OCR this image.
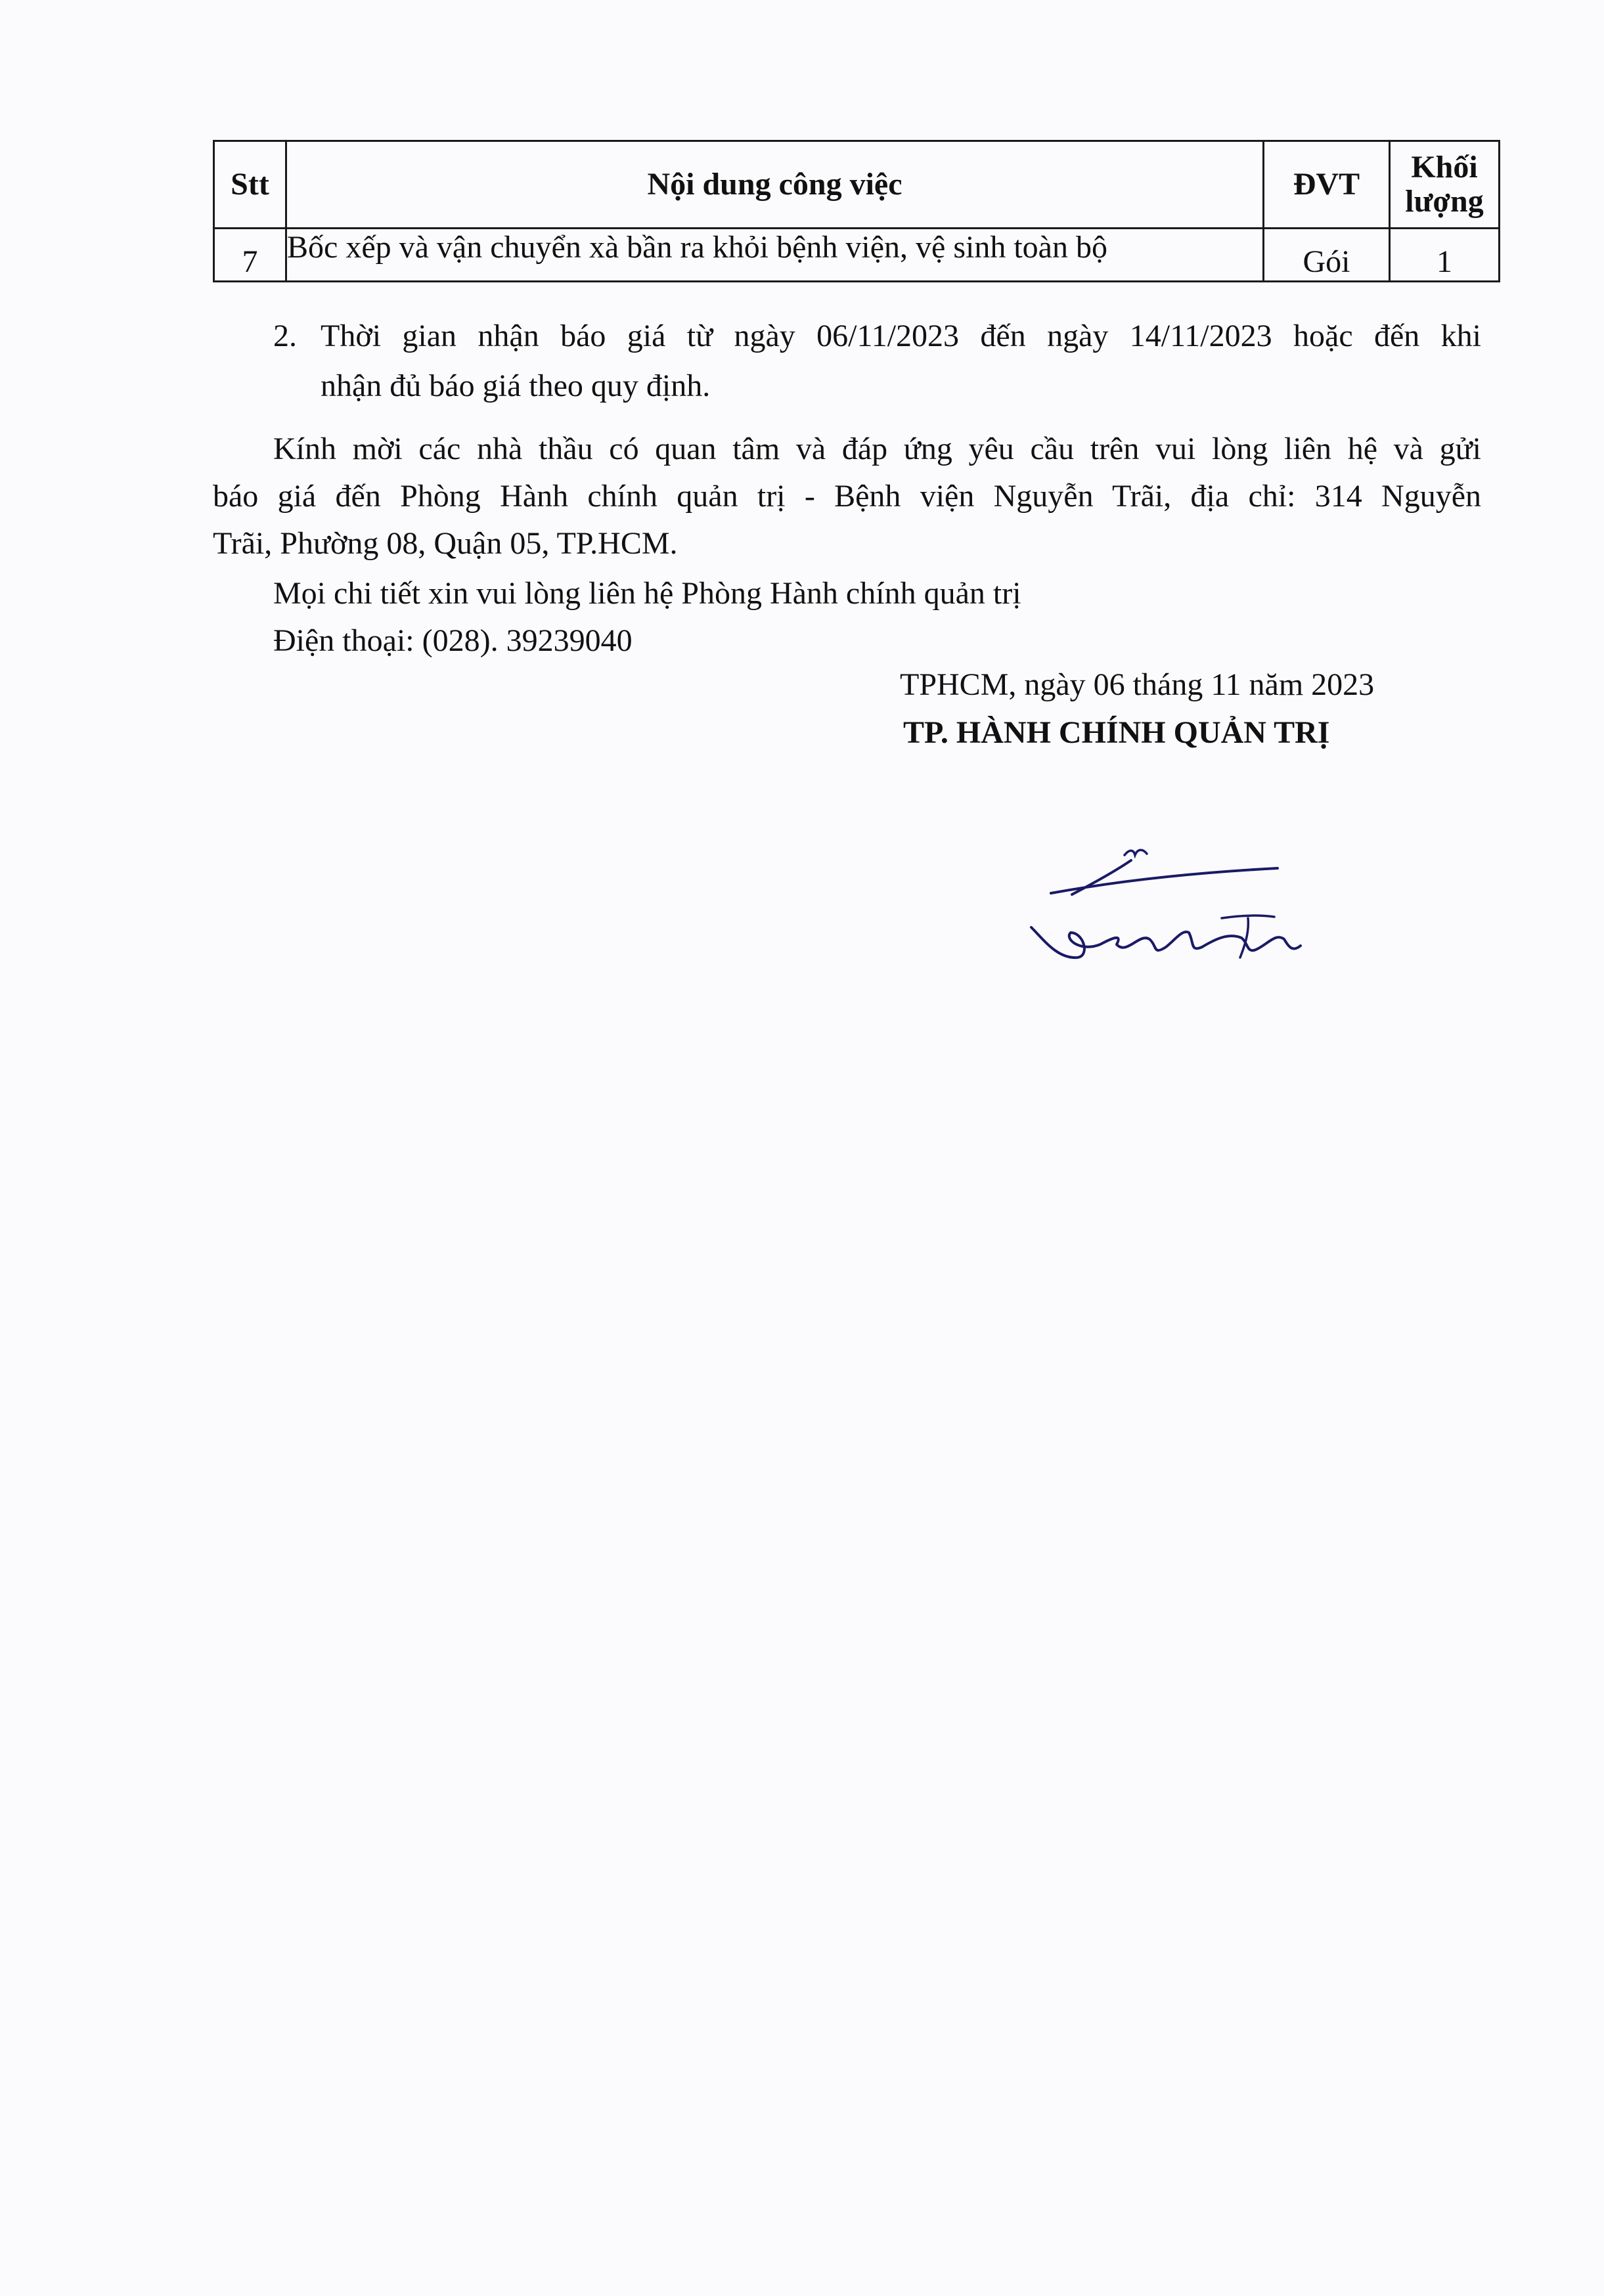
Stt	Nội dung công việc	ĐVT	Khối
lượng

7	Bốc xếp và vận chuyển xà bần ra khỏi bệnh viện, vệ sinh toàn bộ	Gói	1
2. Thời gian nhận báo giá từ ngày 06/11/2023 đến ngày 14/11/2023 hoặc đến khi
nhận đủ báo giá theo quy định.
Kính mời các nhà thầu có quan tâm và đáp ứng yêu cầu trên vui lòng liên hệ và gửi
báo giá đến Phòng Hành chính quản trị - Bệnh viện Nguyễn Trãi, địa chỉ: 314 Nguyễn
Trãi, Phường 08, Quận 05, TP.HCM.
Mọi chi tiết xin vui lòng liên hệ Phòng Hành chính quản trị
Điện thoại: (028). 39239040
TPHCM, ngày 06 tháng 11 năm 2023
TP. HÀNH CHÍNH QUẢN TRỊ
